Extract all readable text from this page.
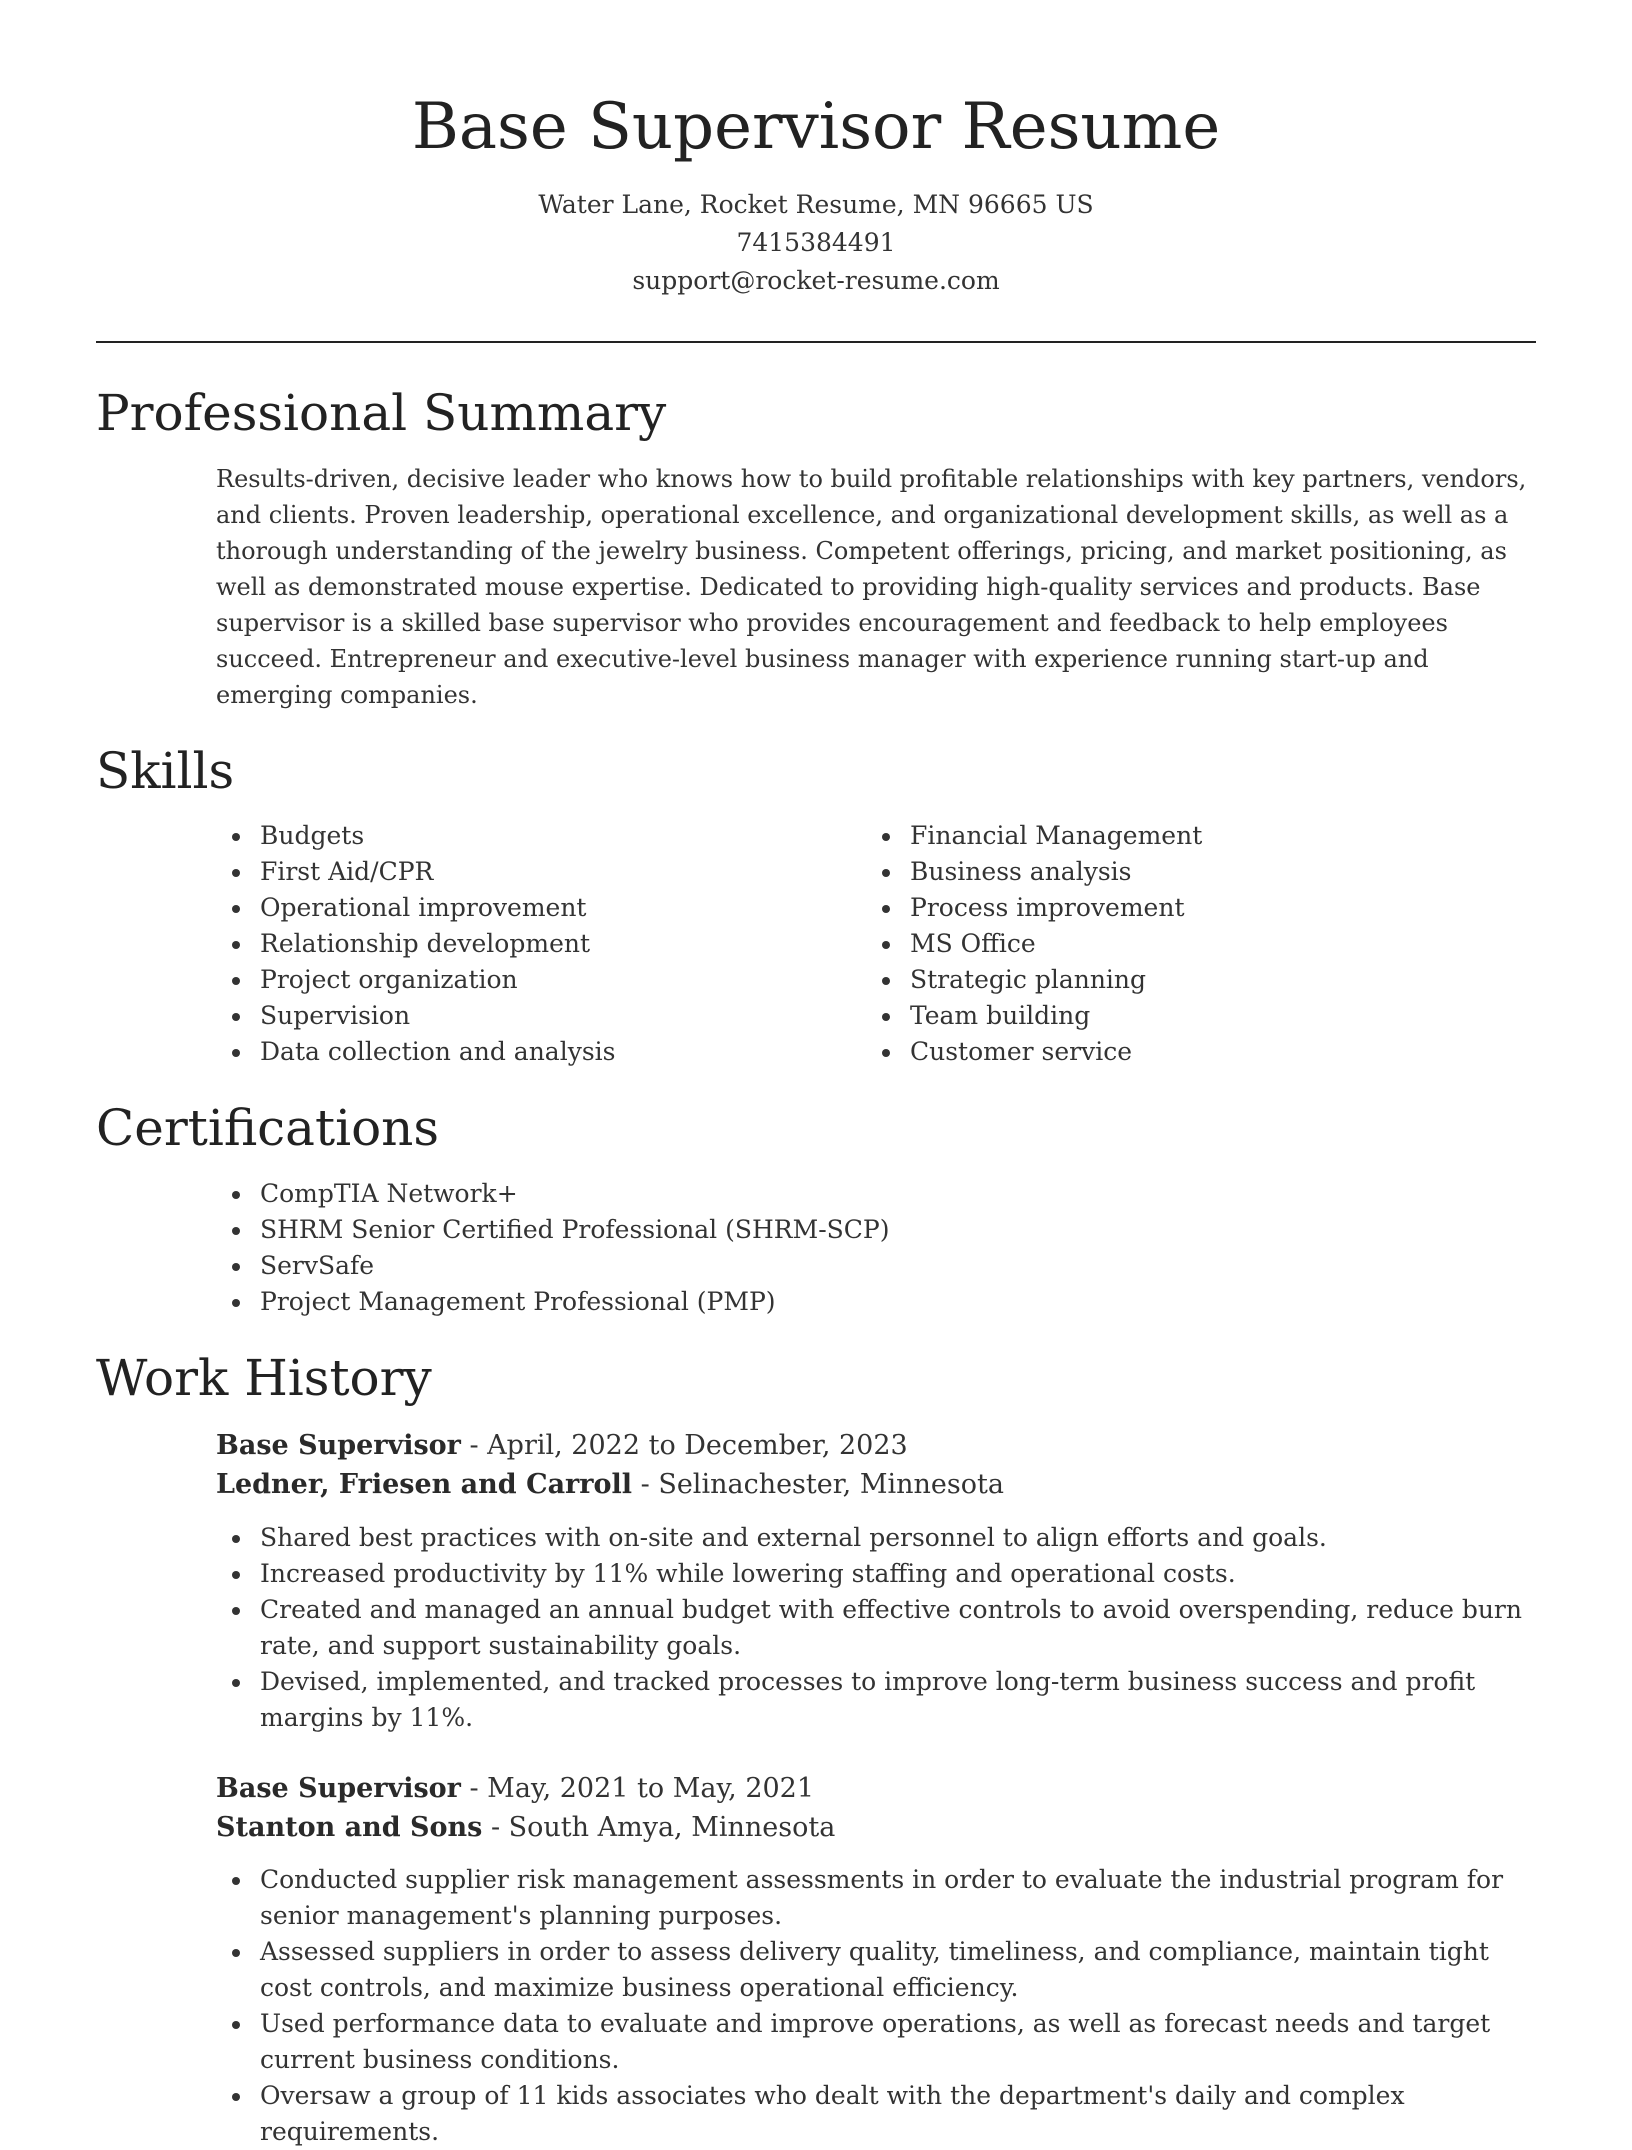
Base Supervisor Resume
Water Lane, Rocket Resume, MN 96665 US
7415384491
support@rocket-resume.com
Professional Summary

Results-driven, decisive leader who knows how to build profitable relationships with key partners, vendors, and clients. Proven leadership, operational excellence, and organizational development skills, as well as a thorough understanding of the jewelry business. Competent offerings, pricing, and market positioning, as well as demonstrated mouse expertise. Dedicated to providing high-quality services and products. Base supervisor is a skilled base supervisor who provides encouragement and feedback to help employees succeed. Entrepreneur and executive-level business manager with experience running start-up and emerging companies.

Skills
Budgets
First Aid/CPR
Operational improvement
Relationship development
Project organization
Supervision
Data collection and analysis
Financial Management
Business analysis
Process improvement
MS Office
Strategic planning
Team building
Customer service
Certifications
CompTIA Network+
SHRM Senior Certified Professional (SHRM-SCP)
ServSafe
Project Management Professional (PMP)
Work History
Base Supervisor - April, 2022 to December, 2023
Ledner, Friesen and Carroll - Selinachester, Minnesota
Shared best practices with on-site and external personnel to align efforts and goals.
Increased productivity by 11% while lowering staffing and operational costs.
Created and managed an annual budget with effective controls to avoid overspending, reduce burn rate, and support sustainability goals.
Devised, implemented, and tracked processes to improve long-term business success and profit margins by 11%.
Base Supervisor - May, 2021 to May, 2021
Stanton and Sons - South Amya, Minnesota
Conducted supplier risk management assessments in order to evaluate the industrial program for senior management's planning purposes.
Assessed suppliers in order to assess delivery quality, timeliness, and compliance, maintain tight cost controls, and maximize business operational efficiency.
Used performance data to evaluate and improve operations, as well as forecast needs and target current business conditions.
Oversaw a group of 11 kids associates who dealt with the department's daily and complex requirements.
